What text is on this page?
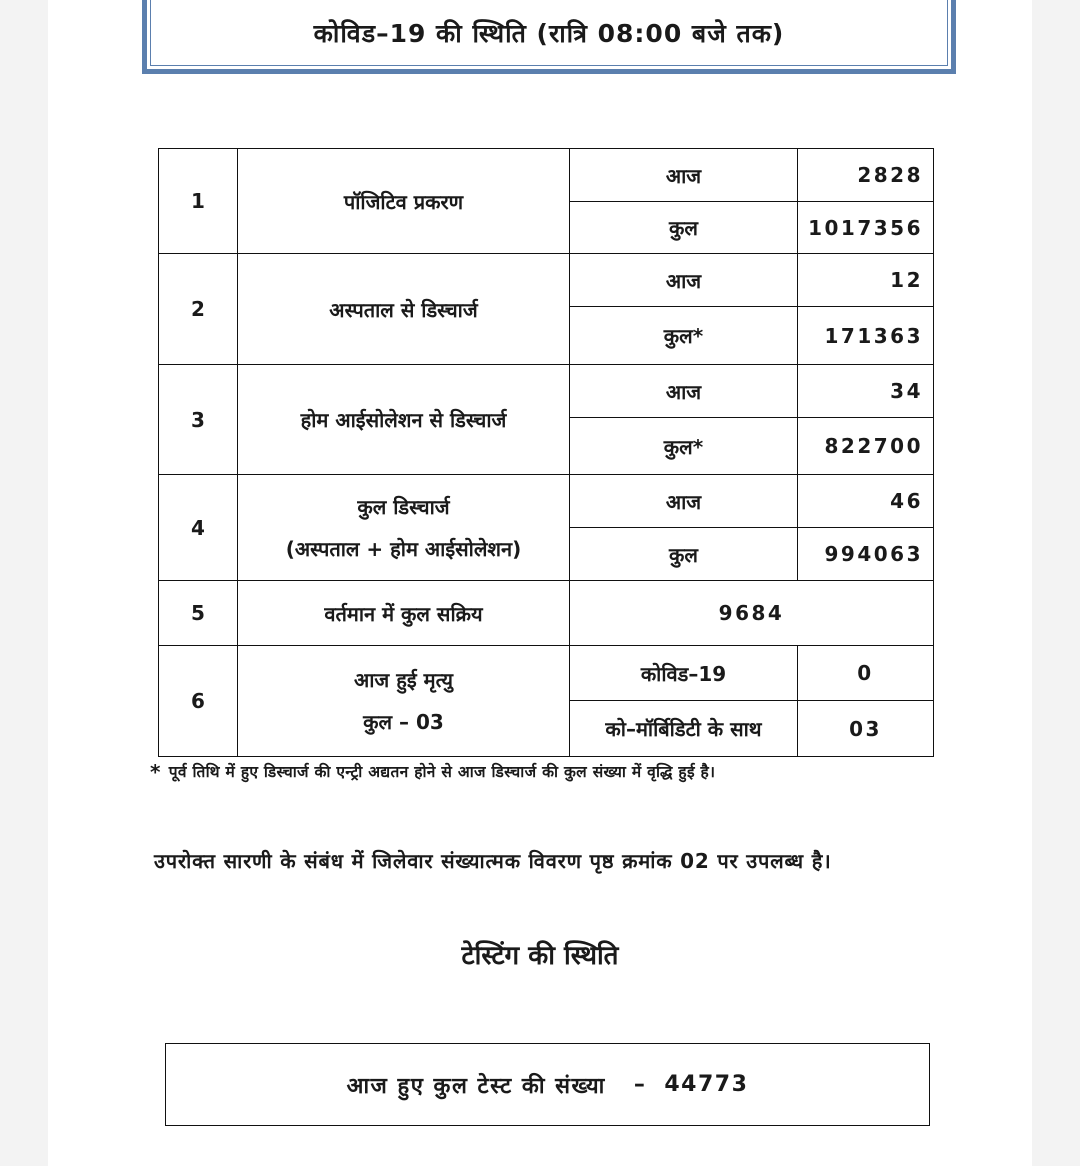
कोविड–19 की स्थिति (रात्रि 08:00 बजे तक)
1	पॉजिटिव प्रकरण	आज	2828
		कुल	1017356
2	अस्पताल से डिस्चार्ज	आज	12
		कुल*	171363
3	होम आईसोलेशन से डिस्चार्ज	आज	34
		कुल*	822700
4	कुल डिस्चार्ज
(अस्पताल + होम आईसोलेशन)	आज	46
		कुल	994063
5	वर्तमान में कुल सक्रिय	9684	
6	आज हुई मृत्यु
कुल – 03	कोविड–19	0
		को–मॉर्बिडिटी के साथ	03
* पूर्व तिथि में हुए डिस्चार्ज की एन्ट्री अद्यतन होने से आज डिस्चार्ज की कुल संख्या में वृद्धि हुई है।
उपरोक्त सारणी के संबंध में जिलेवार संख्यात्मक विवरण पृष्ठ क्रमांक 02 पर उपलब्ध है।
टेस्टिंग की स्थिति
आज हुए कुल टेस्ट की संख्या – 44773
